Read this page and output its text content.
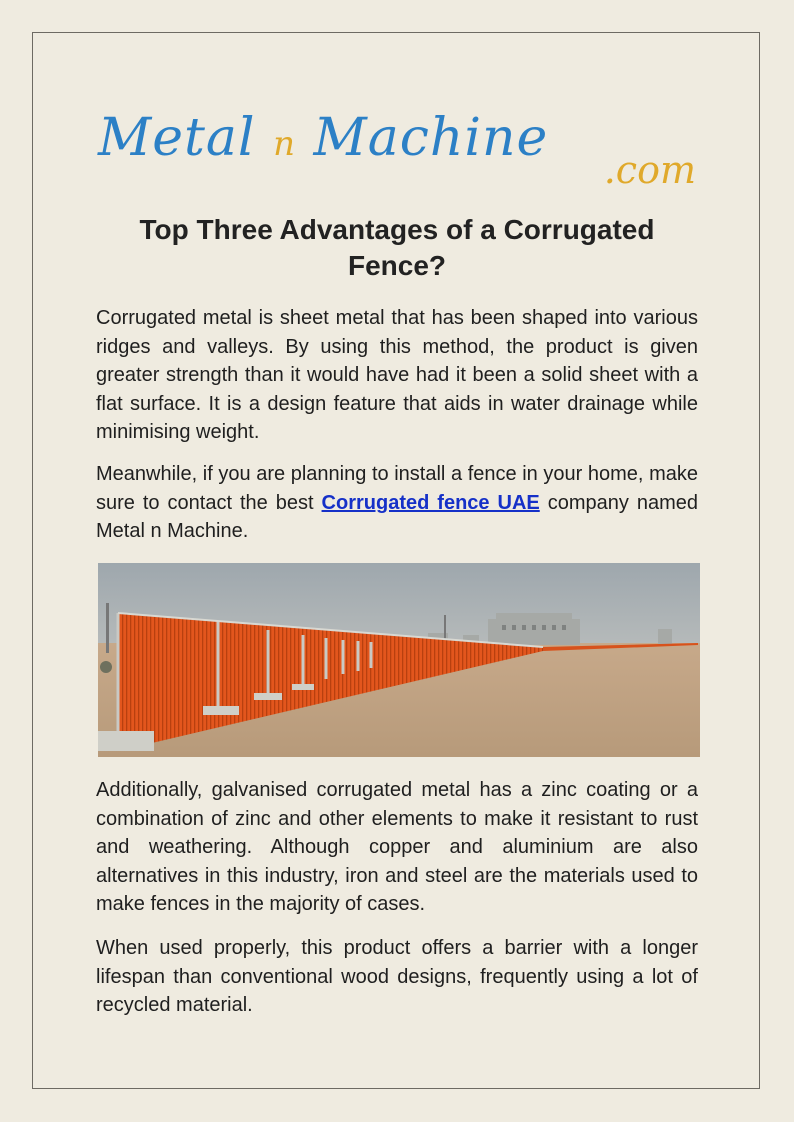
Metal n Machine
.com
Top Three Advantages of a Corrugated Fence?

Corrugated metal is sheet metal that has been shaped into various ridges and valleys. By using this method, the product is given greater strength than it would have had it been a solid sheet with a flat surface. It is a design feature that aids in water drainage while minimising weight.

Meanwhile, if you are planning to install a fence in your home, make sure to contact the best Corrugated fence UAE company named Metal n Machine.

Additionally, galvanised corrugated metal has a zinc coating or a combination of zinc and other elements to make it resistant to rust and weathering. Although copper and aluminium are also alternatives in this industry, iron and steel are the materials used to make fences in the majority of cases.

When used properly, this product offers a barrier with a longer lifespan than conventional wood designs, frequently using a lot of recycled material.
